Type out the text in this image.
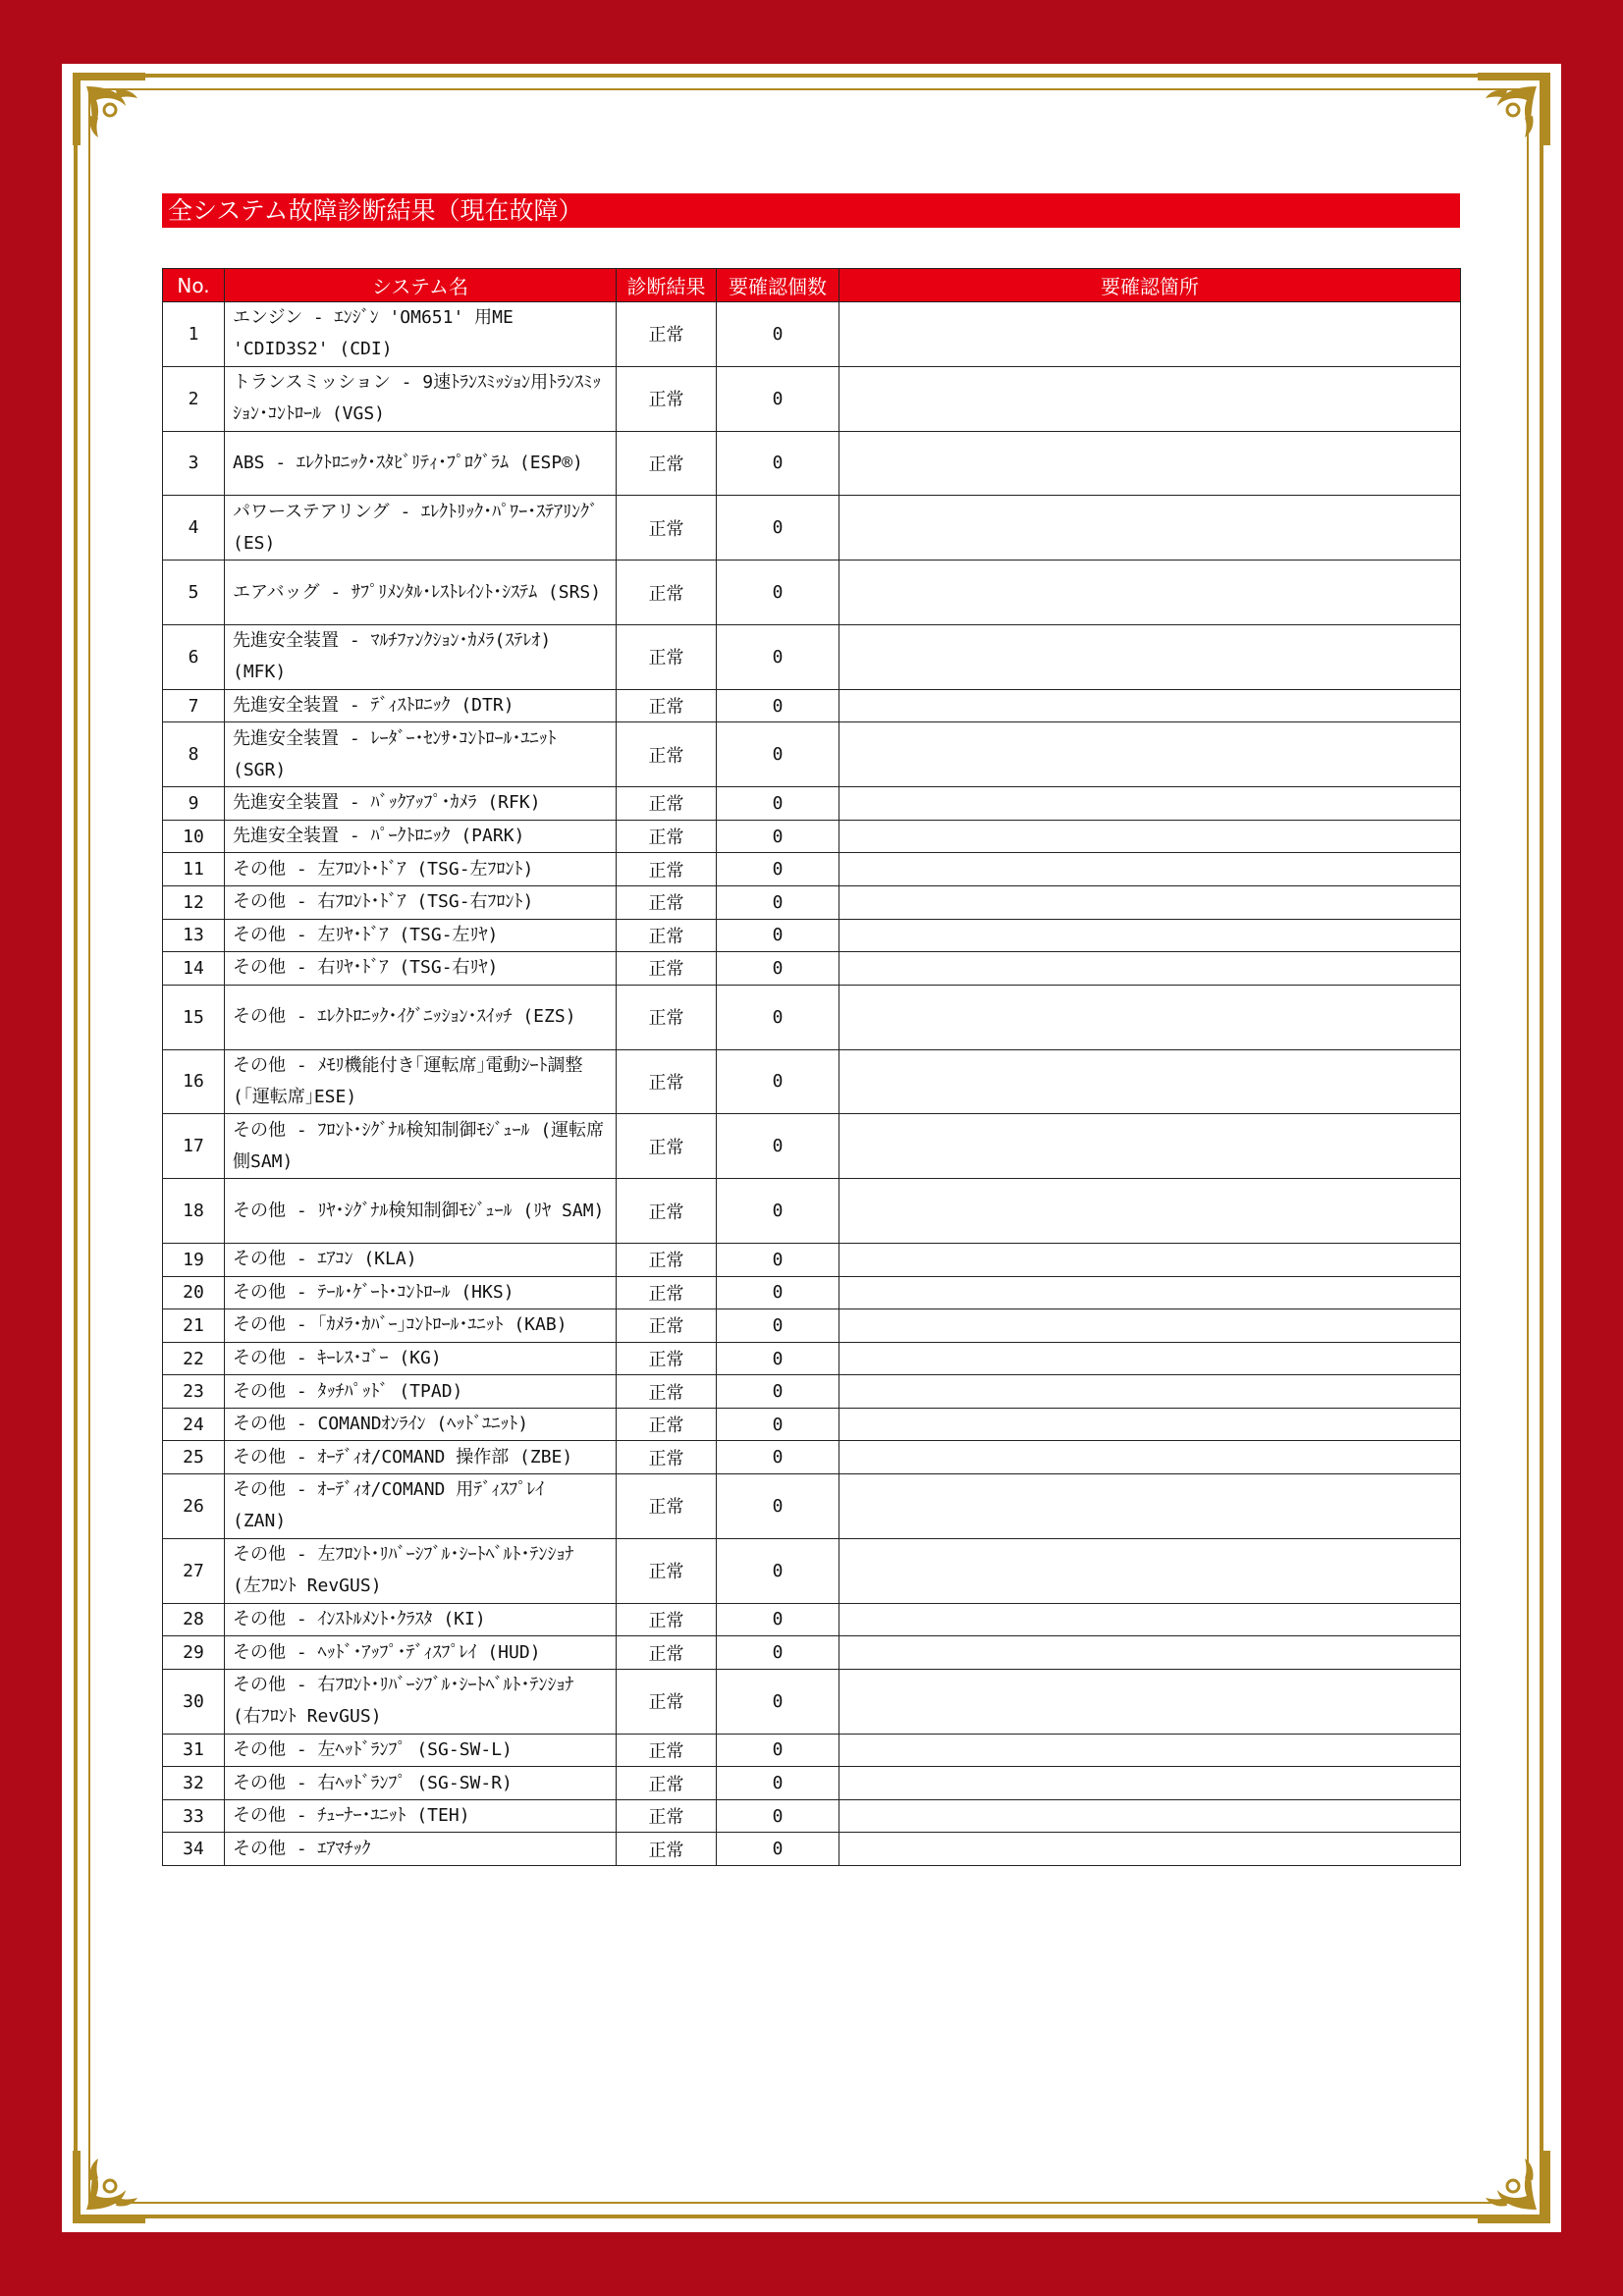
全システム故障診断結果（現在故障）
No.	システム名	診断結果	要確認個数	要確認箇所
1	エンジン - ｴﾝｼﾞﾝ 'OM651' 用ME 'CDID3S2' (CDI)	正常	0	
2	トランスミッション - 9速ﾄﾗﾝｽﾐｯｼｮﾝ用ﾄﾗﾝｽﾐｯｼｮﾝ･ｺﾝﾄﾛｰﾙ (VGS)	正常	0	
3	ABS - ｴﾚｸﾄﾛﾆｯｸ･ｽﾀﾋﾞﾘﾃｨ･ﾌﾟﾛｸﾞﾗﾑ (ESP®)	正常	0	
4	パワーステアリング - ｴﾚｸﾄﾘｯｸ･ﾊﾟﾜｰ･ｽﾃｱﾘﾝｸﾞ (ES)	正常	0	
5	エアバッグ - ｻﾌﾟﾘﾒﾝﾀﾙ･ﾚｽﾄﾚｲﾝﾄ･ｼｽﾃﾑ (SRS)	正常	0	
6	先進安全装置 - ﾏﾙﾁﾌｧﾝｸｼｮﾝ･ｶﾒﾗ(ｽﾃﾚｵ) (MFK)	正常	0	
7	先進安全装置 - ﾃﾞｨｽﾄﾛﾆｯｸ (DTR)	正常	0	
8	先進安全装置 - ﾚｰﾀﾞｰ･ｾﾝｻ･ｺﾝﾄﾛｰﾙ･ﾕﾆｯﾄ (SGR)	正常	0	
9	先進安全装置 - ﾊﾞｯｸｱｯﾌﾟ･ｶﾒﾗ (RFK)	正常	0	
10	先進安全装置 - ﾊﾟｰｸﾄﾛﾆｯｸ (PARK)	正常	0	
11	その他 - 左ﾌﾛﾝﾄ･ﾄﾞｱ (TSG-左ﾌﾛﾝﾄ)	正常	0	
12	その他 - 右ﾌﾛﾝﾄ･ﾄﾞｱ (TSG-右ﾌﾛﾝﾄ)	正常	0	
13	その他 - 左ﾘﾔ･ﾄﾞｱ (TSG-左ﾘﾔ)	正常	0	
14	その他 - 右ﾘﾔ･ﾄﾞｱ (TSG-右ﾘﾔ)	正常	0	
15	その他 - ｴﾚｸﾄﾛﾆｯｸ･ｲｸﾞﾆｯｼｮﾝ･ｽｲｯﾁ (EZS)	正常	0	
16	その他 - ﾒﾓﾘ機能付き｢運転席｣電動ｼｰﾄ調整 (｢運転席｣ESE)	正常	0	
17	その他 - ﾌﾛﾝﾄ･ｼｸﾞﾅﾙ検知制御ﾓｼﾞｭｰﾙ (運転席側SAM)	正常	0	
18	その他 - ﾘﾔ･ｼｸﾞﾅﾙ検知制御ﾓｼﾞｭｰﾙ (ﾘﾔ SAM)	正常	0	
19	その他 - ｴｱｺﾝ (KLA)	正常	0	
20	その他 - ﾃｰﾙ･ｹﾞｰﾄ･ｺﾝﾄﾛｰﾙ (HKS)	正常	0	
21	その他 - ｢ｶﾒﾗ･ｶﾊﾞｰ｣ｺﾝﾄﾛｰﾙ･ﾕﾆｯﾄ (KAB)	正常	0	
22	その他 - ｷｰﾚｽ･ｺﾞｰ (KG)	正常	0	
23	その他 - ﾀｯﾁﾊﾟｯﾄﾞ (TPAD)	正常	0	
24	その他 - COMANDｵﾝﾗｲﾝ (ﾍｯﾄﾞﾕﾆｯﾄ)	正常	0	
25	その他 - ｵｰﾃﾞｨｵ/COMAND 操作部 (ZBE)	正常	0	
26	その他 - ｵｰﾃﾞｨｵ/COMAND 用ﾃﾞｨｽﾌﾟﾚｲ (ZAN)	正常	0	
27	その他 - 左ﾌﾛﾝﾄ･ﾘﾊﾞｰｼﾌﾞﾙ･ｼｰﾄﾍﾞﾙﾄ･ﾃﾝｼｮﾅ (左ﾌﾛﾝﾄ RevGUS)	正常	0	
28	その他 - ｲﾝｽﾄﾙﾒﾝﾄ･ｸﾗｽﾀ (KI)	正常	0	
29	その他 - ﾍｯﾄﾞ･ｱｯﾌﾟ･ﾃﾞｨｽﾌﾟﾚｲ (HUD)	正常	0	
30	その他 - 右ﾌﾛﾝﾄ･ﾘﾊﾞｰｼﾌﾞﾙ･ｼｰﾄﾍﾞﾙﾄ･ﾃﾝｼｮﾅ (右ﾌﾛﾝﾄ RevGUS)	正常	0	
31	その他 - 左ﾍｯﾄﾞﾗﾝﾌﾟ (SG-SW-L)	正常	0	
32	その他 - 右ﾍｯﾄﾞﾗﾝﾌﾟ (SG-SW-R)	正常	0	
33	その他 - ﾁｭｰﾅｰ･ﾕﾆｯﾄ (TEH)	正常	0	
34	その他 - ｴｱﾏﾁｯｸ	正常	0	
